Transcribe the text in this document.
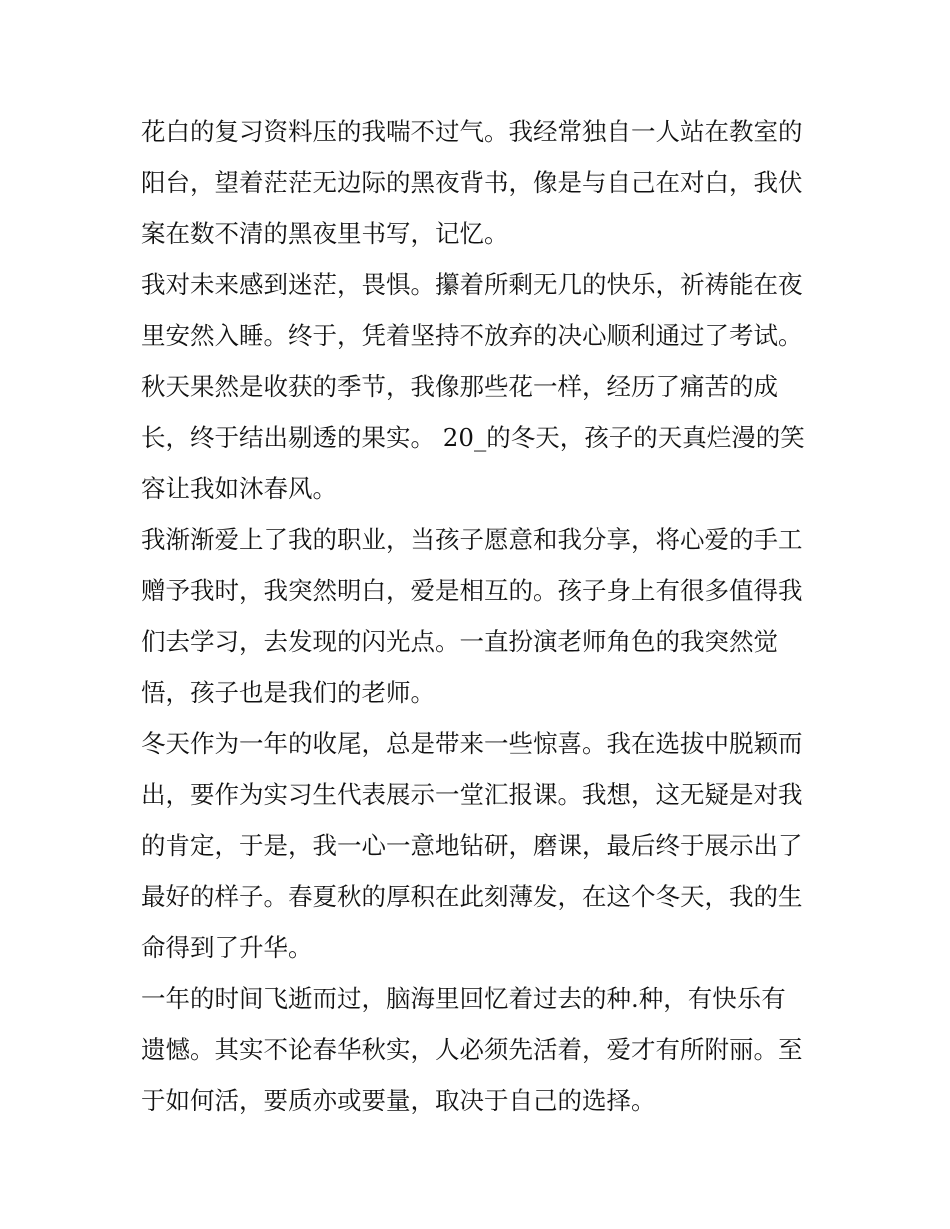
花白的复习资料压的我喘不过气。我经常独自一人站在教室的
阳台，望着茫茫无边际的黑夜背书，像是与自己在对白，我伏
案在数不清的黑夜里书写，记忆。
我对未来感到迷茫，畏惧。攥着所剩无几的快乐，祈祷能在夜
里安然入睡。终于，凭着坚持不放弃的决心顺利通过了考试。
秋天果然是收获的季节，我像那些花一样，经历了痛苦的成
长，终于结出剔透的果实。 20_的冬天，孩子的天真烂漫的笑
容让我如沐春风。
我渐渐爱上了我的职业，当孩子愿意和我分享，将心爱的手工
赠予我时，我突然明白，爱是相互的。孩子身上有很多值得我
们去学习，去发现的闪光点。一直扮演老师角色的我突然觉
悟，孩子也是我们的老师。
冬天作为一年的收尾，总是带来一些惊喜。我在选拔中脱颖而
出，要作为实习生代表展示一堂汇报课。我想，这无疑是对我
的肯定，于是，我一心一意地钻研，磨课，最后终于展示出了
最好的样子。春夏秋的厚积在此刻薄发，在这个冬天，我的生
命得到了升华。
一年的时间飞逝而过，脑海里回忆着过去的种.种，有快乐有
遗憾。其实不论春华秋实，人必须先活着，爱才有所附丽。至
于如何活，要质亦或要量，取决于自己的选择。
